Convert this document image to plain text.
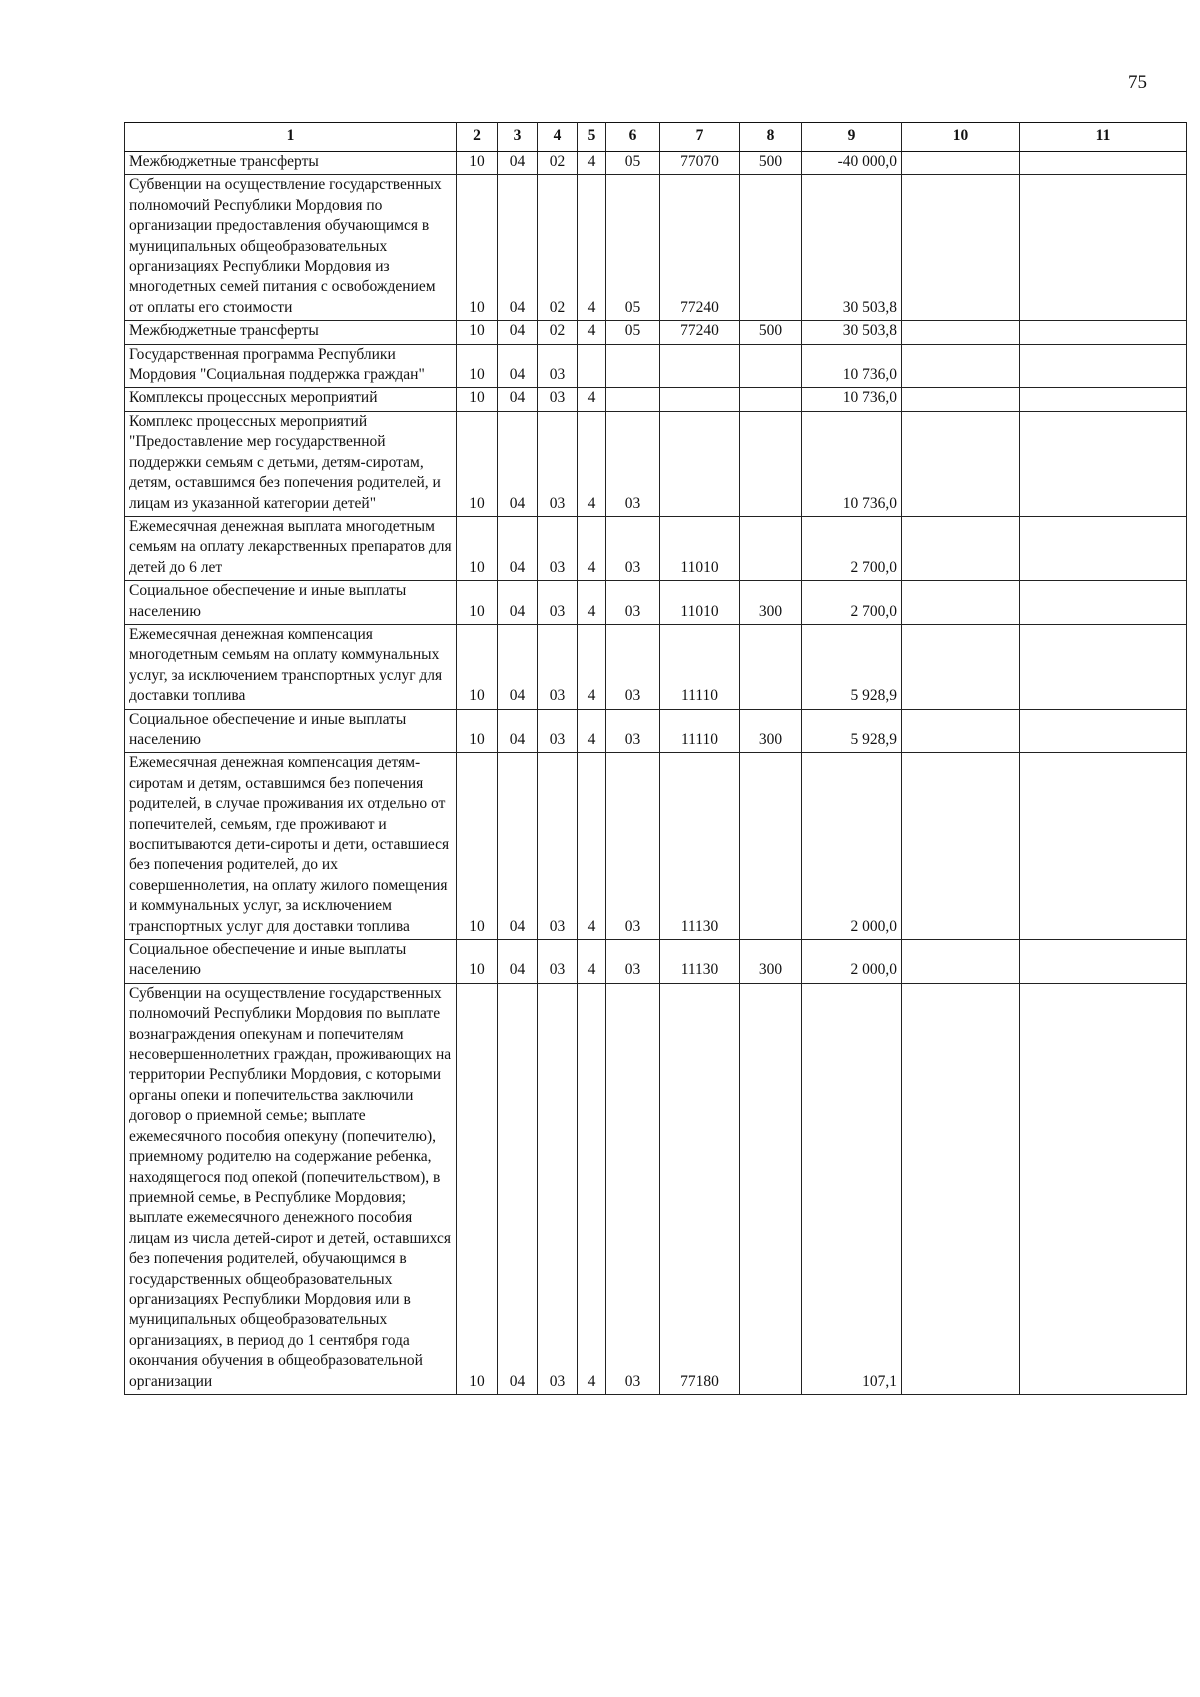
75
1	2	3	4	5	6	7	8	9	10	11
Межбюджетные трансферты	10	04	02	4	05	77070	500	-40 000,0		
Субвенции на осуществление государственных полномочий Республики Мордовия по организации предоставления обучающимся в муниципальных общеобразовательных организациях Республики Мордовия из многодетных семей питания с освобождением от оплаты его стоимости	10	04	02	4	05	77240		30 503,8		
Межбюджетные трансферты	10	04	02	4	05	77240	500	30 503,8		
Государственная программа Республики Мордовия "Социальная поддержка граждан"	10	04	03					10 736,0		
Комплексы процессных мероприятий	10	04	03	4				10 736,0		
Комплекс процессных мероприятий "Предоставление мер государственной поддержки семьям с детьми, детям-сиротам, детям, оставшимся без попечения родителей, и лицам из указанной категории детей"	10	04	03	4	03			10 736,0		
Ежемесячная денежная выплата многодетным семьям на оплату лекарственных препаратов для детей до 6 лет	10	04	03	4	03	11010		2 700,0		
Социальное обеспечение и иные выплаты населению	10	04	03	4	03	11010	300	2 700,0		
Ежемесячная денежная компенсация многодетным семьям на оплату коммунальных услуг, за исключением транспортных услуг для доставки топлива	10	04	03	4	03	11110		5 928,9		
Социальное обеспечение и иные выплаты населению	10	04	03	4	03	11110	300	5 928,9		
Ежемесячная денежная компенсация детям-сиротам и детям, оставшимся без попечения родителей, в случае проживания их отдельно от попечителей, семьям, где проживают и воспитываются дети-сироты и дети, оставшиеся без попечения родителей, до их совершеннолетия, на оплату жилого помещения и коммунальных услуг, за исключением транспортных услуг для доставки топлива	10	04	03	4	03	11130		2 000,0		
Социальное обеспечение и иные выплаты населению	10	04	03	4	03	11130	300	2 000,0		
Субвенции на осуществление государственных полномочий Республики Мордовия по выплате вознаграждения опекунам и попечителям несовершеннолетних граждан, проживающих на территории Республики Мордовия, с которыми органы опеки и попечительства заключили договор о приемной семье; выплате ежемесячного пособия опекуну (попечителю), приемному родителю на содержание ребенка, находящегося под опекой (попечительством), в приемной семье, в Республике Мордовия; выплате ежемесячного денежного пособия лицам из числа детей-сирот и детей, оставшихся без попечения родителей, обучающимся в государственных общеобразовательных организациях Республики Мордовия или в муниципальных общеобразовательных организациях, в период до 1 сентября года окончания обучения в общеобразовательной организации	10	04	03	4	03	77180		107,1		
